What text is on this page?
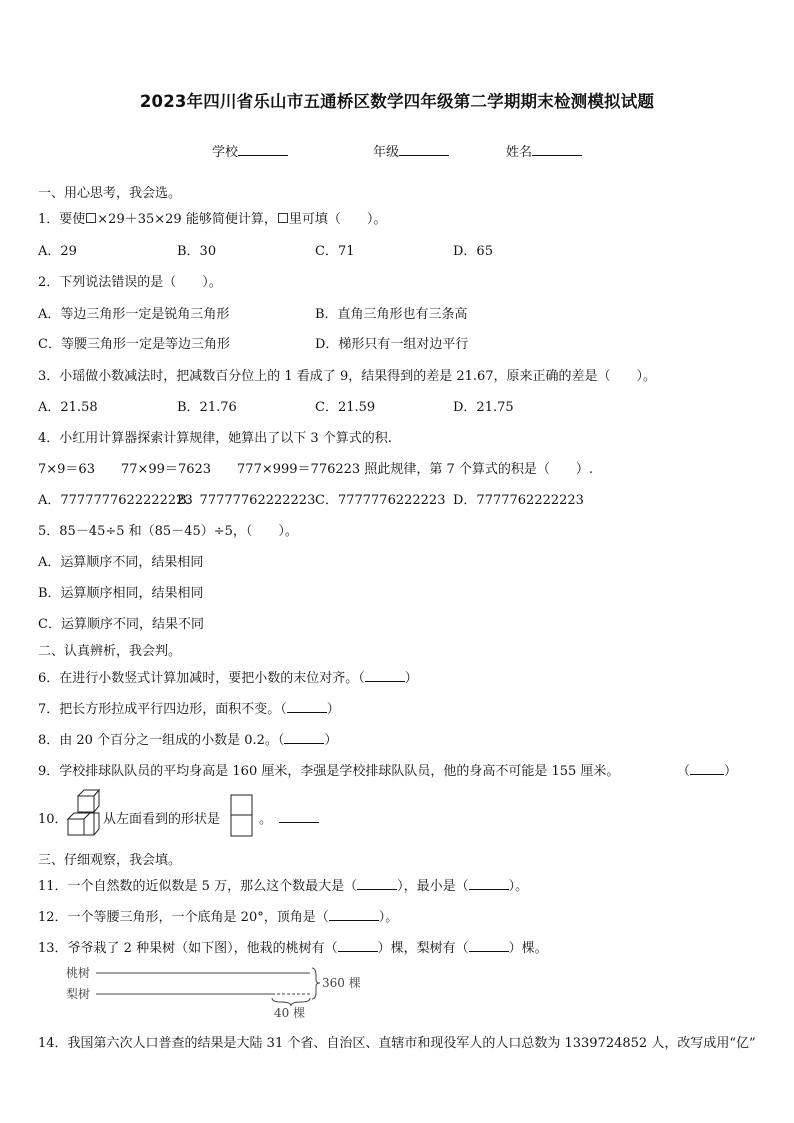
2023年四川省乐山市五通桥区数学四年级第二学期期末检测模拟试题
学校	年级	姓名
一、用心思考，我会选。
1．要使 ×29＋35×29 能够简便计算， 里可填（　　）。
A．29	B．30	C．71	D．65
2．下列说法错误的是（　　）。
A．等边三角形一定是锐角三角形	B．直角三角形也有三条高
C．等腰三角形一定是等边三角形	D．梯形只有一组对边平行
3．小瑶做小数减法时，把减数百分位上的 1 看成了 9，结果得到的差是 21.67，原来正确的差是（　　）。
A．21.58	B．21.76	C．21.59	D．21.75
4．小红用计算器探索计算规律，她算出了以下 3 个算式的积.
7×9＝63　　77×99＝7623　　777×999＝776223 照此规律，第 7 个算式的积是（　　）.
A．7777777622222223
B．77777762222223 C．7777776222223 D．7777762222223
5．85－45÷5 和（85－45）÷5，（　　）。
A．运算顺序不同，结果相同
B．运算顺序相同，结果相同
C．运算顺序不同，结果不同
二、认真辨析，我会判。
6．在进行小数竖式计算加减时，要把小数的末位对齐。（	）
7．把长方形拉成平行四边形，面积不变。（	）
8．由 20 个百分之一组成的小数是 0.2。（	）
9．学校排球队队员的平均身高是 160 厘米，李强是学校排球队队员，他的身高不可能是 155 厘米。	（	）
10．	从左面看到的形状是	。　
三、仔细观察，我会填。
11．一个自然数的近似数是 5 万，那么这个数最大是（	），最小是（	）。
12．一个等腰三角形，一个底角是 20°，顶角是（	）。
13．爷爷栽了 2 种果树（如下图），他栽的桃树有（	）棵，梨树有（	）棵。
桃树
梨树
360 棵
40 棵
14．我国第六次人口普查的结果是大陆 31 个省、自治区、直辖市和现役军人的人口总数为 1339724852 人，改写成用“亿”
